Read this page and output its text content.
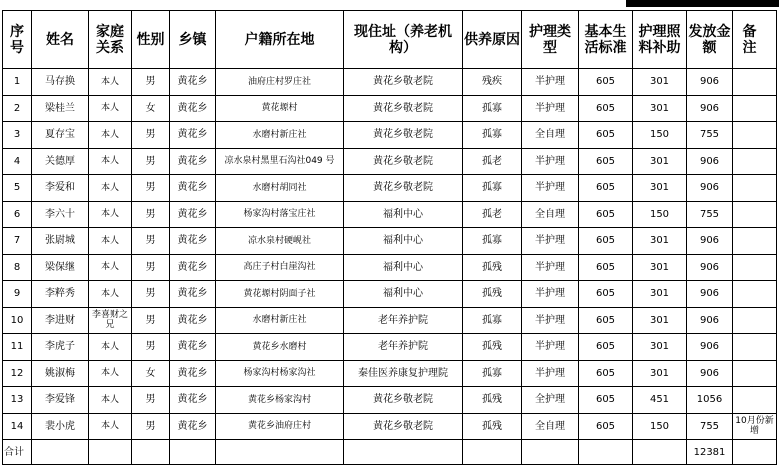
序号	姓名	家庭关系	性别	乡镇	户籍所在地	现住址（养老机构）	供养原因	护理类型	基本生活标准	护理照料补助	发放金额	备 注
1	马存换	本人	男	黄花乡	油府庄村罗庄社	黄花乡敬老院	残疾	半护理	605	301	906	
2	梁桂兰	本人	女	黄花乡	黄花塬村	黄花乡敬老院	孤寡	半护理	605	301	906	
3	夏存宝	本人	男	黄花乡	水磨村新庄社	黄花乡敬老院	孤寡	全自理	605	150	755	
4	关德厚	本人	男	黄花乡	凉水泉村黑里石沟社049 号	黄花乡敬老院	孤老	半护理	605	301	906	
5	李爱和	本人	男	黄花乡	水磨村胡同社	黄花乡敬老院	孤寡	半护理	605	301	906	
6	李六十	本人	男	黄花乡	杨家沟村落宝庄社	福利中心	孤老	全自理	605	150	755	
7	张尉城	本人	男	黄花乡	凉水泉村硬岘社	福利中心	孤寡	半护理	605	301	906	
8	梁保继	本人	男	黄花乡	高庄子村白崖沟社	福利中心	孤残	半护理	605	301	906	
9	李粹秀	本人	男	黄花乡	黄花塬村阴面子社	福利中心	孤残	半护理	605	301	906	
10	李进财	李喜财之兄	男	黄花乡	水磨村新庄社	老年养护院	孤寡	半护理	605	301	906	
11	李虎子	本人	男	黄花乡	黄花乡水磨村	老年养护院	孤残	半护理	605	301	906	
12	姚淑梅	本人	女	黄花乡	杨家沟村杨家沟社	秦佳医养康复护理院	孤寡	半护理	605	301	906	
13	李爱锋	本人	男	黄花乡	黄花乡杨家沟村	黄花乡敬老院	孤残	全护理	605	451	1056	
14	裴小虎	本人	男	黄花乡	黄花乡油府庄村	黄花乡敬老院	孤残	全自理	605	150	755	10月份新增
合计											12381	
